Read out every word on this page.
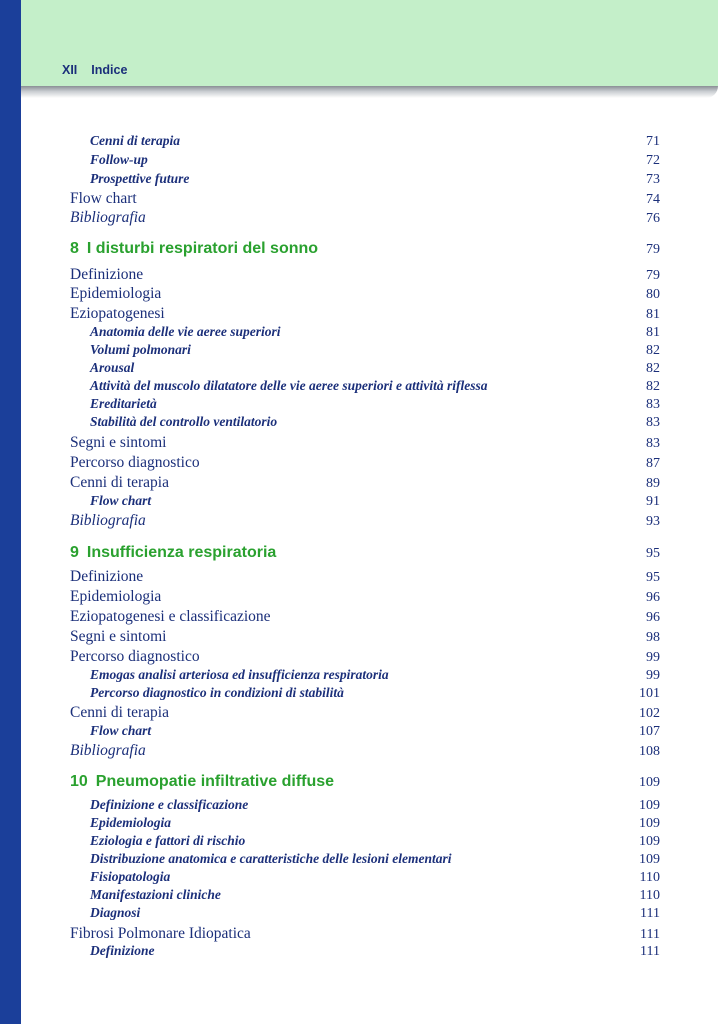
XII Indice
Cenni di terapia	71
Follow-up	72
Prospettive future	73
Flow chart	74
Bibliografia	76
8 I disturbi respiratori del sonno	79
Definizione	79
Epidemiologia	80
Eziopatogenesi	81
Anatomia delle vie aeree superiori	81
Volumi polmonari	82
Arousal	82
Attività del muscolo dilatatore delle vie aeree superiori e attività riflessa	82
Ereditarietà	83
Stabilità del controllo ventilatorio	83
Segni e sintomi	83
Percorso diagnostico	87
Cenni di terapia	89
Flow chart	91
Bibliografia	93
9 Insufficienza respiratoria	95
Definizione	95
Epidemiologia	96
Eziopatogenesi e classificazione	96
Segni e sintomi	98
Percorso diagnostico	99
Emogas analisi arteriosa ed insufficienza respiratoria	99
Percorso diagnostico in condizioni di stabilità	101
Cenni di terapia	102
Flow chart	107
Bibliografia	108
10 Pneumopatie infiltrative diffuse	109
Definizione e classificazione	109
Epidemiologia	109
Eziologia e fattori di rischio	109
Distribuzione anatomica e caratteristiche delle lesioni elementari	109
Fisiopatologia	110
Manifestazioni cliniche	110
Diagnosi	111
Fibrosi Polmonare Idiopatica	111
Definizione	111
